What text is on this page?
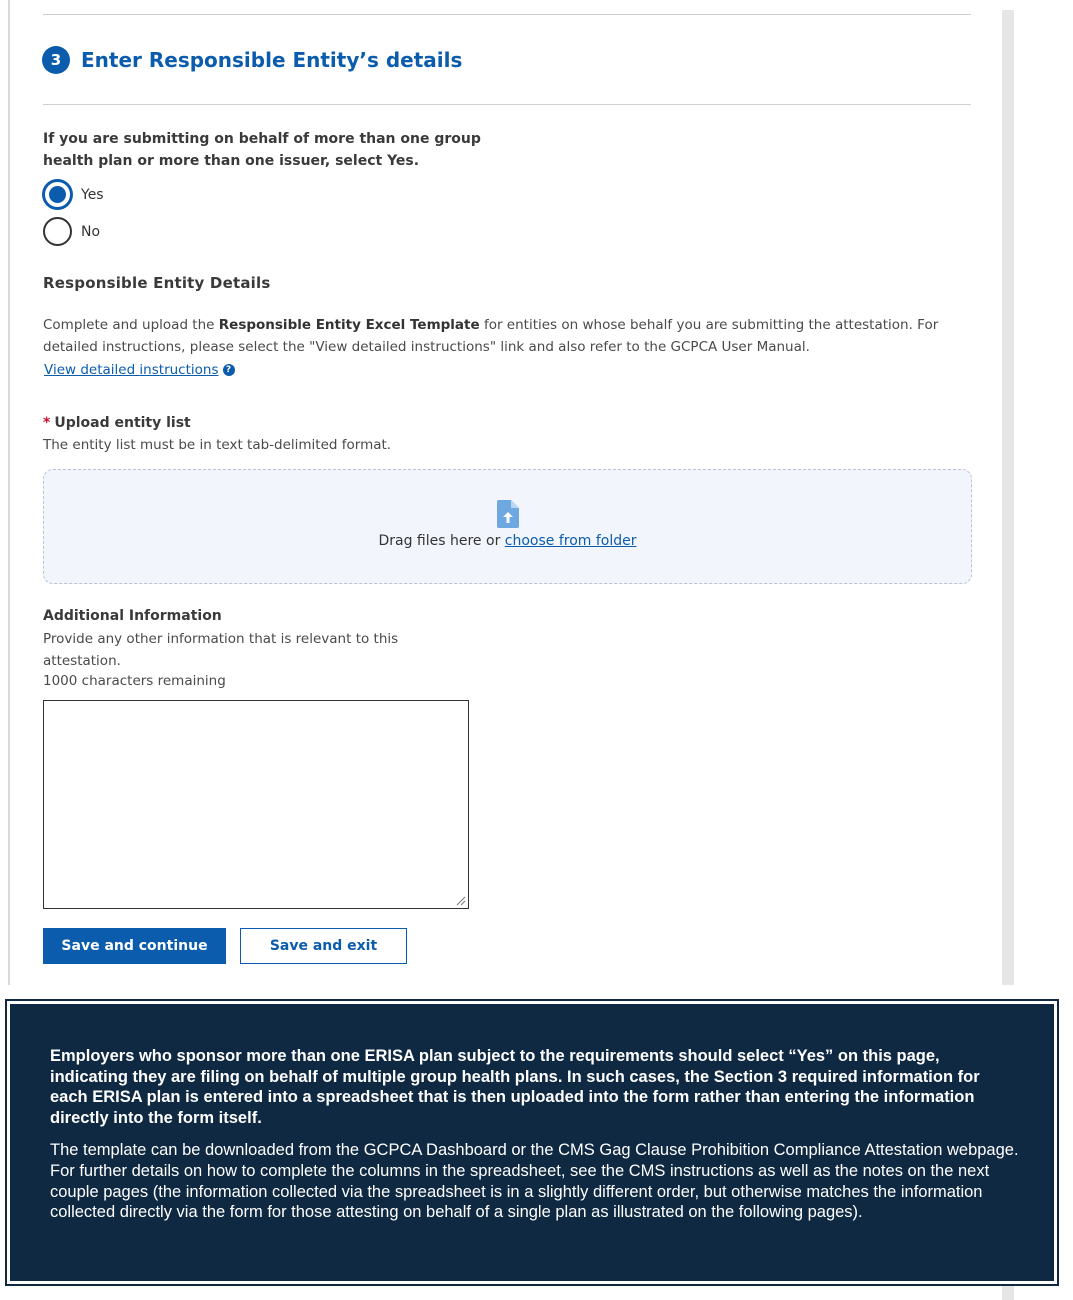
3 Enter Responsible Entity’s details
If you are submitting on behalf of more than one group health plan or more than one issuer, select Yes.
Yes
No
Responsible Entity Details
Complete and upload the Responsible Entity Excel Template for entities on whose behalf you are submitting the attestation. For detailed instructions, please select the "View detailed instructions" link and also refer to the GCPCA User Manual.
View detailed instructions ?
* Upload entity list
The entity list must be in text tab-delimited format.
Drag files here or choose from folder
Additional Information
Provide any other information that is relevant to this attestation.
1000 characters remaining
Save and continue	Save and exit

Employers who sponsor more than one ERISA plan subject to the requirements should select “Yes” on this page, indicating they are filing on behalf of multiple group health plans. In such cases, the Section 3 required information for each ERISA plan is entered into a spreadsheet that is then uploaded into the form rather than entering the information directly into the form itself.

The template can be downloaded from the GCPCA Dashboard or the CMS Gag Clause Prohibition Compliance Attestation webpage. For further details on how to complete the columns in the spreadsheet, see the CMS instructions as well as the notes on the next couple pages (the information collected via the spreadsheet is in a slightly different order, but otherwise matches the information collected directly via the form for those attesting on behalf of a single plan as illustrated on the following pages).
